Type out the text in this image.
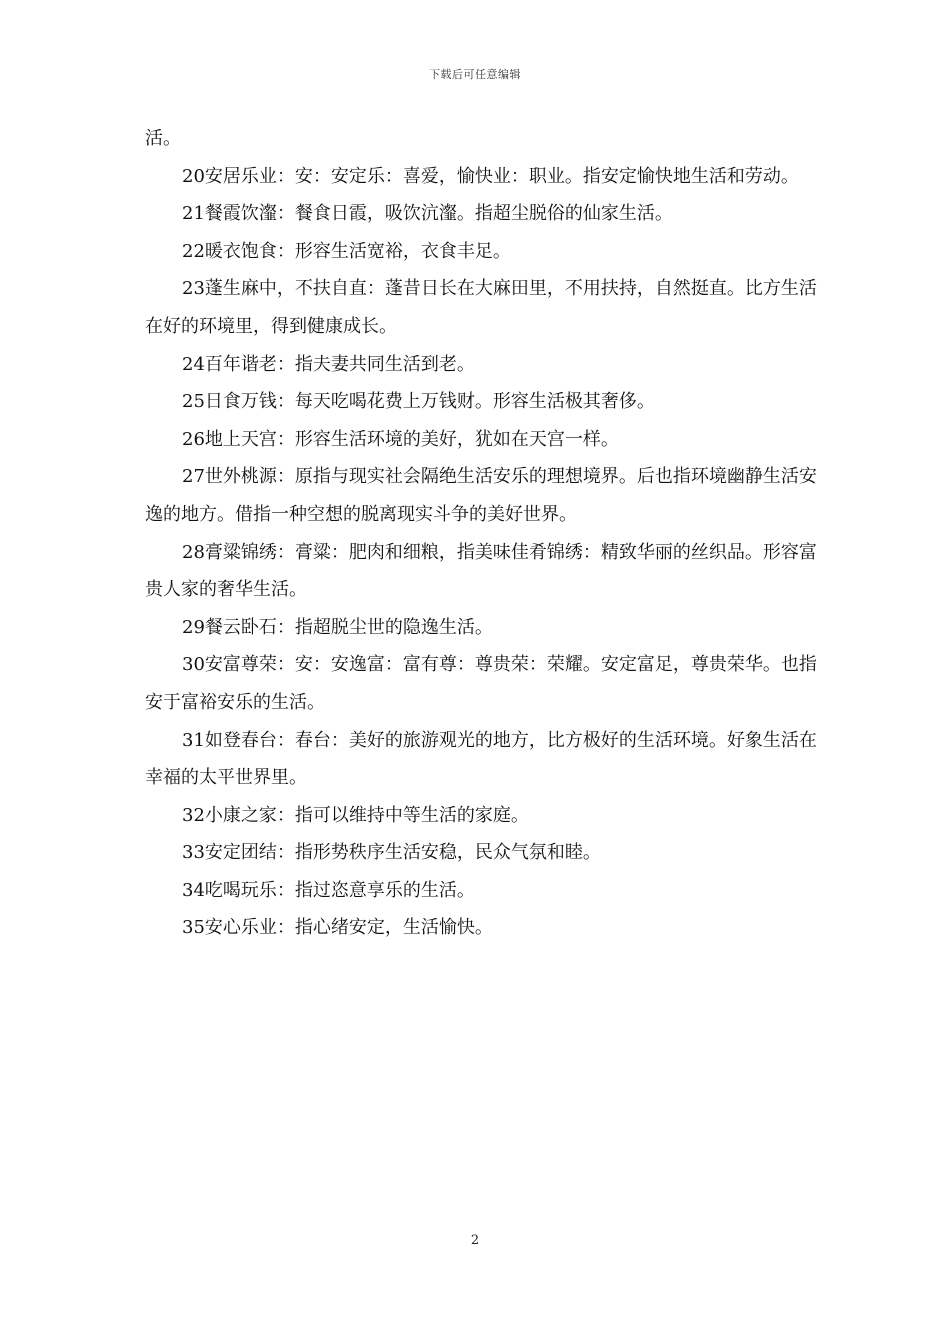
下载后可任意编辑

活。

20安居乐业：安：安定乐：喜爱，愉快业：职业。指安定愉快地生活和劳动。

21餐霞饮瀣：餐食日霞，吸饮沆瀣。指超尘脱俗的仙家生活。

22暖衣饱食：形容生活宽裕，衣食丰足。

23蓬生麻中，不扶自直：蓬昔日长在大麻田里，不用扶持，自然挺直。比方生活在好的环境里，得到健康成长。

24百年谐老：指夫妻共同生活到老。

25日食万钱：每天吃喝花费上万钱财。形容生活极其奢侈。

26地上天宫：形容生活环境的美好，犹如在天宫一样。

27世外桃源：原指与现实社会隔绝生活安乐的理想境界。后也指环境幽静生活安逸的地方。借指一种空想的脱离现实斗争的美好世界。

28膏粱锦绣：膏粱：肥肉和细粮，指美味佳肴锦绣：精致华丽的丝织品。形容富贵人家的奢华生活。

29餐云卧石：指超脱尘世的隐逸生活。

30安富尊荣：安：安逸富：富有尊：尊贵荣：荣耀。安定富足，尊贵荣华。也指安于富裕安乐的生活。

31如登春台：春台：美好的旅游观光的地方，比方极好的生活环境。好象生活在幸福的太平世界里。

32小康之家：指可以维持中等生活的家庭。

33安定团结：指形势秩序生活安稳，民众气氛和睦。

34吃喝玩乐：指过恣意享乐的生活。

35安心乐业：指心绪安定，生活愉快。

2
